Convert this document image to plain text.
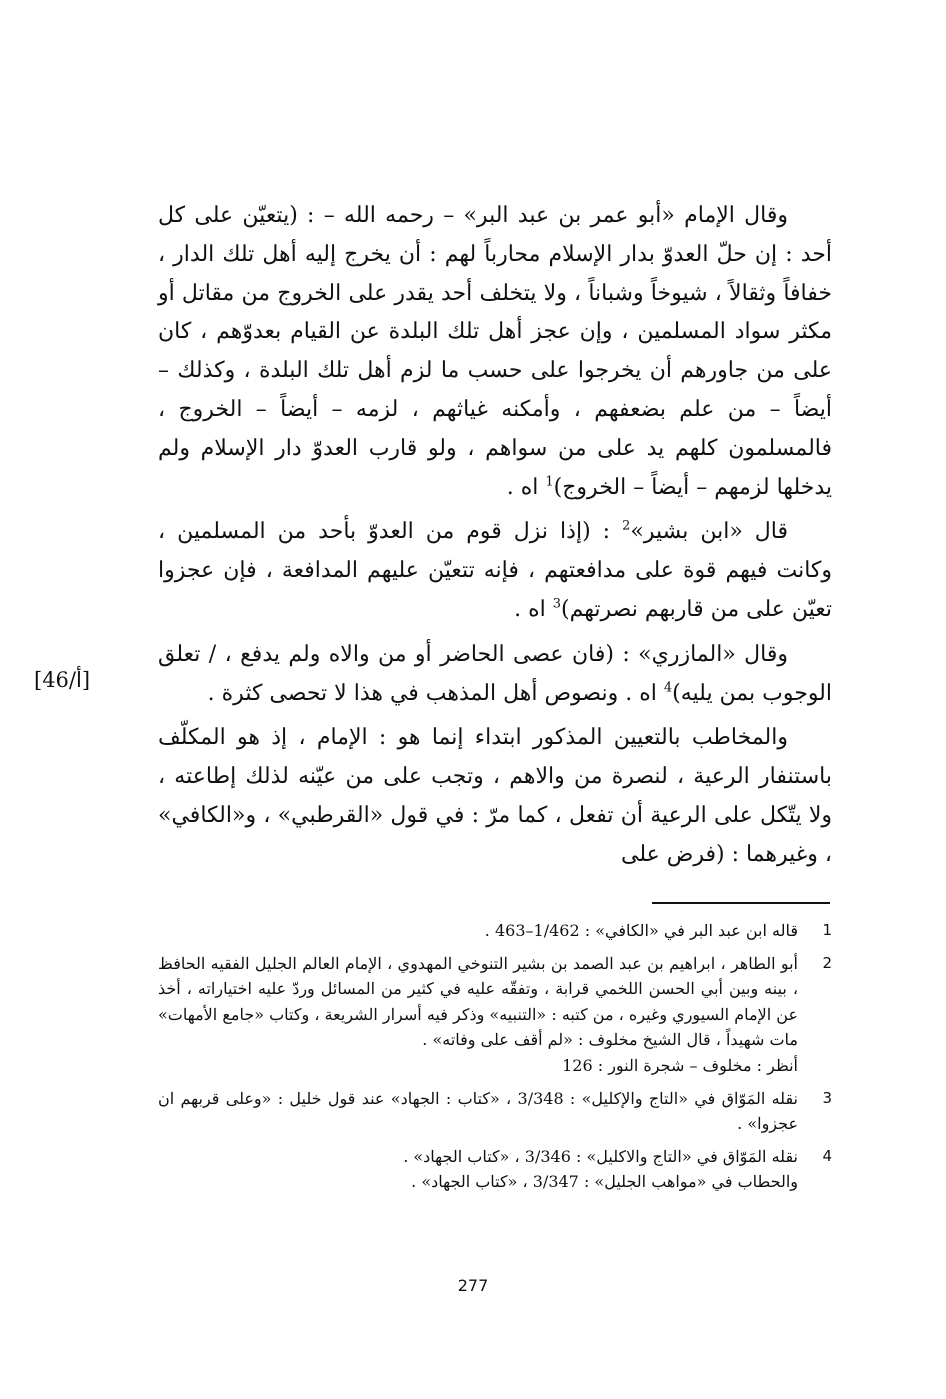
وقال الإمام «أبو عمر بن عبد البر» – رحمه الله – : (يتعيّن على كل أحد : إن حلّ العدوّ بدار الإسلام محارباً لهم : أن يخرج إليه أهل تلك الدار ، خفافاً وثقالاً ، شيوخاً وشباناً ، ولا يتخلف أحد يقدر على الخروج من مقاتل أو مكثر سواد المسلمين ، وإن عجز أهل تلك البلدة عن القيام بعدوّهم ، كان على من جاورهم أن يخرجوا على حسب ما لزم أهل تلك البلدة ، وكذلك – أيضاً – من علم بضعفهم ، وأمكنه غياثهم ، لزمه – أيضاً – الخروج ، فالمسلمون كلهم يد على من سواهم ، ولو قارب العدوّ دار الإسلام ولم يدخلها لزمهم – أيضاً – الخروج)$^1$ اه .

قال «ابن بشير»$^2$ : (إذا نزل قوم من العدوّ بأحد من المسلمين ، وكانت فيهم قوة على مدافعتهم ، فإنه تتعيّن عليهم المدافعة ، فإن عجزوا تعيّن على من قاربهم نصرتهم)$^3$ اه .

وقال «المازري» : (فان عصى الحاضر أو من والاه ولم يدفع ، / تعلق الوجوب بمن يليه)$^4$ اه . ونصوص أهل المذهب في هذا لا تحصى كثرة .

والمخاطب بالتعيين المذكور ابتداء إنما هو : الإمام ، إذ هو المكلّف باستنفار الرعية ، لنصرة من والاهم ، وتجب على من عيّنه لذلك إطاعته ، ولا يتّكل على الرعية أن تفعل ، كما مرّ : في قول «القرطبي» ، و«الكافي» ، وغيرهما : (فرض على

[46/أ]
1
قاله ابن عبد البر في «الكافي» : 1/462–463 .
2
أبو الطاهر ، ابراهيم بن عبد الصمد بن بشير التنوخي المهدوي ، الإمام العالم الجليل الفقيه الحافظ ، بينه وبين أبي الحسن اللخمي قرابة ، وتفقّه عليه في كثير من المسائل وردّ عليه اختياراته ، أخذ عن الإمام السيوري وغيره ، من كتبه : «التنبيه» وذكر فيه أسرار الشريعة ، وكتاب «جامع الأمهات» مات شهيداً ، قال الشيخ مخلوف : «لم أقف على وفاته» .
أنظر : مخلوف – شجرة النور : 126
3
نقله المَوّاق في «التاج والإكليل» : 3/348 ، «كتاب : الجهاد» عند قول خليل : «وعلى قربهم ان عجزوا» .
4
نقله المَوّاق في «التاج والاكليل» : 3/346 ، «كتاب الجهاد» .
والحطاب في «مواهب الجليل» : 3/347 ، «كتاب الجهاد» .
277
